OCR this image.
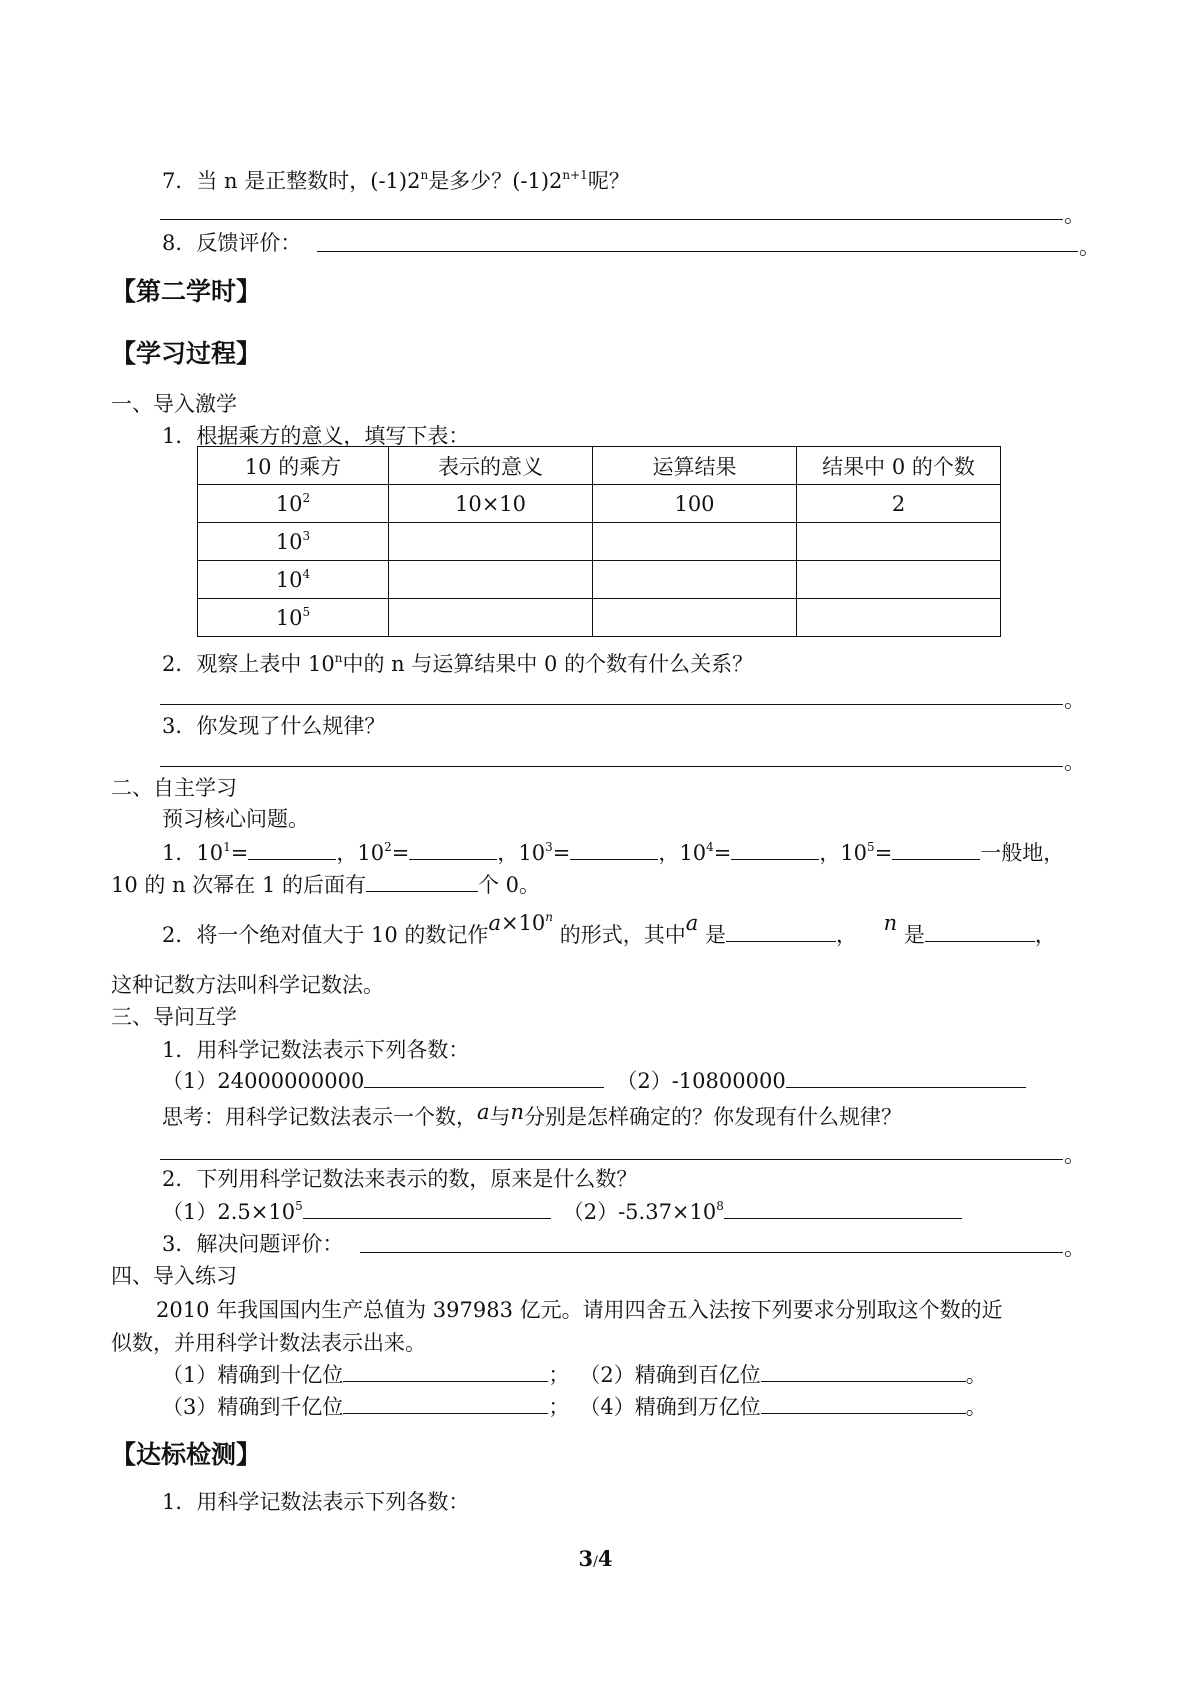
7．当 n 是正整数时，(-1)2$^n$是多少？$(-1)2^{n+1}$呢？
。
8．反馈评价：	。
【第二学时】
【学习过程】
一、导入激学
1．根据乘方的意义，填写下表：
10 的乘方	表示的意义	运算结果	结果中 0 的个数
$10^2$	10×10	100	2
$10^3$			
$10^4$			
$10^5$			
2．观察上表中 10$^n$中的 n 与运算结果中 0 的个数有什么关系？
。
3．你发现了什么规律？
。
二、自主学习
预习核心问题。
1．$10^1=$	，$10^2=$	，$10^3=$	，$10^4=$	，$10^5=$	一般地，
10 的 n 次幂在 1 的后面有	个 0。
2．将一个绝对值大于 10 的数记作$a\times 10^n$ 的形式，其中a 是	， n 是	，
这种记数方法叫科学记数法。
三、导问互学
1．用科学记数法表示下列各数：
（1）24000000000	（2）-10800000
思考：用科学记数法表示一个数，a与n分别是怎样确定的？你发现有什么规律？
。
2．下列用科学记数法来表示的数，原来是什么数？
$(1)2.5\times 10^5$	$(2)-5.37\times 10^8$
3．解决问题评价：	。
四、导入练习
2010 年我国国内生产总值为 397983 亿元。请用四舍五入法按下列要求分别取这个数的近
似数，并用科学计数法表示出来。
（1）精确到十亿位	； （2）精确到百亿位	。
（3）精确到千亿位	； （4）精确到万亿位	。
【达标检测】
1．用科学记数法表示下列各数：
3/4
